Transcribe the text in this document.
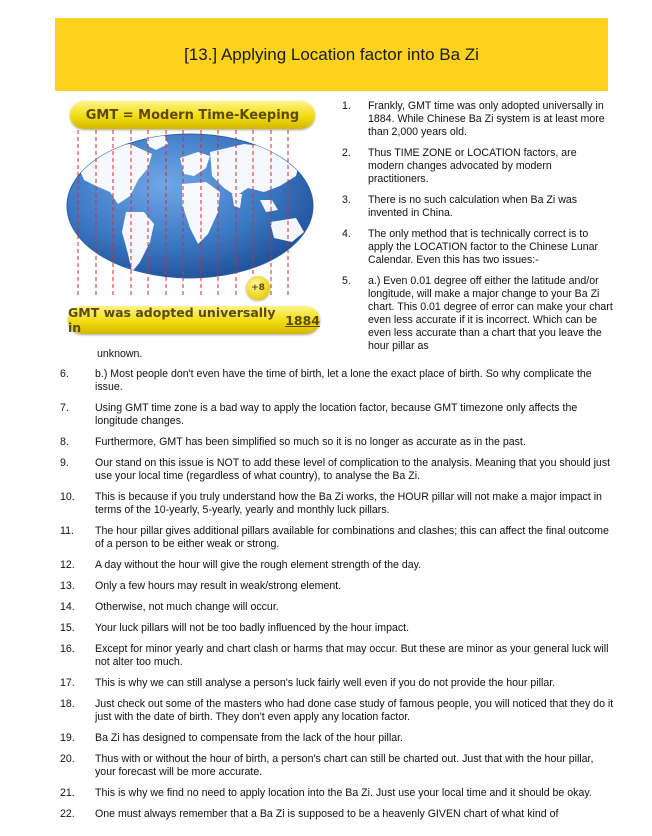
[13.] Applying Location factor into Ba Zi
GMT = Modern Time-Keeping
+8
GMT was adopted universally in	1884
1.	Frankly, GMT time was only adopted universally in 1884. While Chinese Ba Zi system is at least more than 2,000 years old.
2.	Thus TIME ZONE or LOCATION factors, are modern changes advocated by modern practitioners.
3.	There is no such calculation when Ba Zi was invented in China.
4.	The only method that is technically correct is to apply the LOCATION factor to the Chinese Lunar Calendar. Even this has two issues:-
5.	a.) Even 0.01 degree off either the latitude and/or longitude, will make a major change to your Ba Zi chart. This 0.01 degree of error can make your chart even less accurate if it is incorrect. Which can be even less accurate than a chart that you leave the hour pillar as
unknown.
6.	b.) Most people don't even have the time of birth, let a lone the exact place of birth. So why complicate the issue.
7.	Using GMT time zone is a bad way to apply the location factor, because GMT timezone only affects the longitude changes.
8.	Furthermore, GMT has been simplified so much so it is no longer as accurate as in the past.
9.	Our stand on this issue is NOT to add these level of complication to the analysis. Meaning that you should just use your local time (regardless of what country), to analyse the Ba Zi.
10.	This is because if you truly understand how the Ba Zi works, the HOUR pillar will not make a major impact in terms of the 10-yearly, 5-yearly, yearly and monthly luck pillars.
11.	The hour pillar gives additional pillars available for combinations and clashes; this can affect the final outcome of a person to be either weak or strong.
12.	A day without the hour will give the rough element strength of the day.
13.	Only a few hours may result in weak/strong element.
14.	Otherwise, not much change will occur.
15.	Your luck pillars will not be too badly influenced by the hour impact.
16.	Except for minor yearly and chart clash or harms that may occur. But these are minor as your general luck will not alter too much.
17.	This is why we can still analyse a person's luck fairly well even if you do not provide the hour pillar.
18.	Just check out some of the masters who had done case study of famous people, you will noticed that they do it just with the date of birth. They don't even apply any location factor.
19.	Ba Zi has designed to compensate from the lack of the hour pillar.
20.	Thus with or without the hour of birth, a person's chart can still be charted out. Just that with the hour pillar, your forecast will be more accurate.
21.	This is why we find no need to apply location into the Ba Zi. Just use your local time and it should be okay.
22.	One must always remember that a Ba Zi is supposed to be a heavenly GIVEN chart of what kind of
